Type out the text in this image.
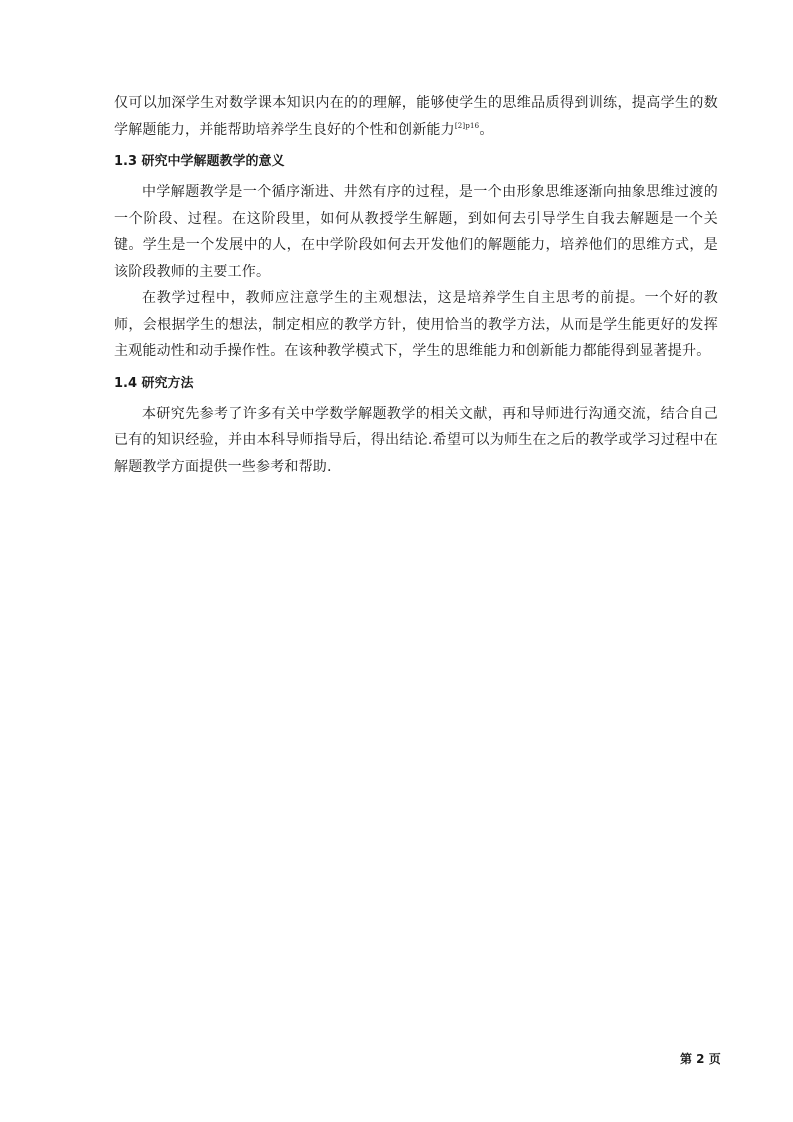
仅可以加深学生对数学课本知识内在的的理解，能够使学生的思维品质得到训练，提高学生的数学解题能力，并能帮助培养学生良好的个性和创新能力$^{[2]p16}$。

1.3 研究中学解题教学的意义

中学解题教学是一个循序渐进、井然有序的过程，是一个由形象思维逐渐向抽象思维过渡的一个阶段、过程。在这阶段里，如何从教授学生解题，到如何去引导学生自我去解题是一个关键。学生是一个发展中的人，在中学阶段如何去开发他们的解题能力，培养他们的思维方式，是该阶段教师的主要工作。

在教学过程中，教师应注意学生的主观想法，这是培养学生自主思考的前提。一个好的教师，会根据学生的想法，制定相应的教学方针，使用恰当的教学方法，从而是学生能更好的发挥主观能动性和动手操作性。在该种教学模式下，学生的思维能力和创新能力都能得到显著提升。

1.4 研究方法

本研究先参考了许多有关中学数学解题教学的相关文献，再和导师进行沟通交流，结合自己已有的知识经验，并由本科导师指导后，得出结论.希望可以为师生在之后的教学或学习过程中在解题教学方面提供一些参考和帮助.

第 2 页
